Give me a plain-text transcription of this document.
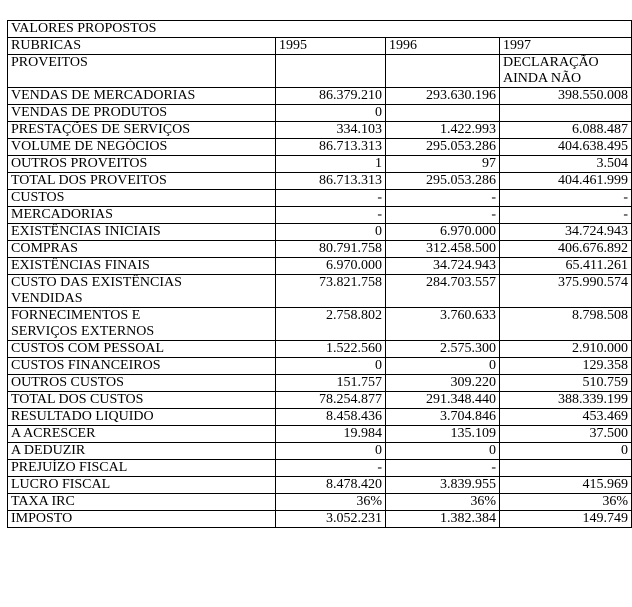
VALORES PROPOSTOS			
RUBRICAS	1995	1996	1997
PROVEITOS			DECLARAÇÃO
AINDA NÃO
VENDAS DE MERCADORIAS	86.379.210	293.630.196	398.550.008
VENDAS DE PRODUTOS	0		
PRESTAÇÕES DE SERVIÇOS	334.103	1.422.993	6.088.487
VOLUME DE NEGÓCIOS	86.713.313	295.053.286	404.638.495
OUTROS PROVEITOS	1	97	3.504
TOTAL DOS PROVEITOS	86.713.313	295.053.286	404.461.999
CUSTOS	-	-	-
MERCADORIAS	-	-	-
EXISTÊNCIAS INICIAIS	0	6.970.000	34.724.943
COMPRAS	80.791.758	312.458.500	406.676.892
EXISTÊNCIAS FINAIS	6.970.000	34.724.943	65.411.261
CUSTO DAS EXISTÊNCIAS
VENDIDAS	73.821.758	284.703.557	375.990.574
FORNECIMENTOS E
SERVIÇOS EXTERNOS	2.758.802	3.760.633	8.798.508
CUSTOS COM PESSOAL	1.522.560	2.575.300	2.910.000
CUSTOS FINANCEIROS	0	0	129.358
OUTROS CUSTOS	151.757	309.220	510.759
TOTAL DOS CUSTOS	78.254.877	291.348.440	388.339.199
RESULTADO LIQUIDO	8.458.436	3.704.846	453.469
A ACRESCER	19.984	135.109	37.500
A DEDUZIR	0	0	0
PREJUÍZO FISCAL	-	-	
LUCRO FISCAL	8.478.420	3.839.955	415.969
TAXA IRC	36%	36%	36%
IMPOSTO	3.052.231	1.382.384	149.749
